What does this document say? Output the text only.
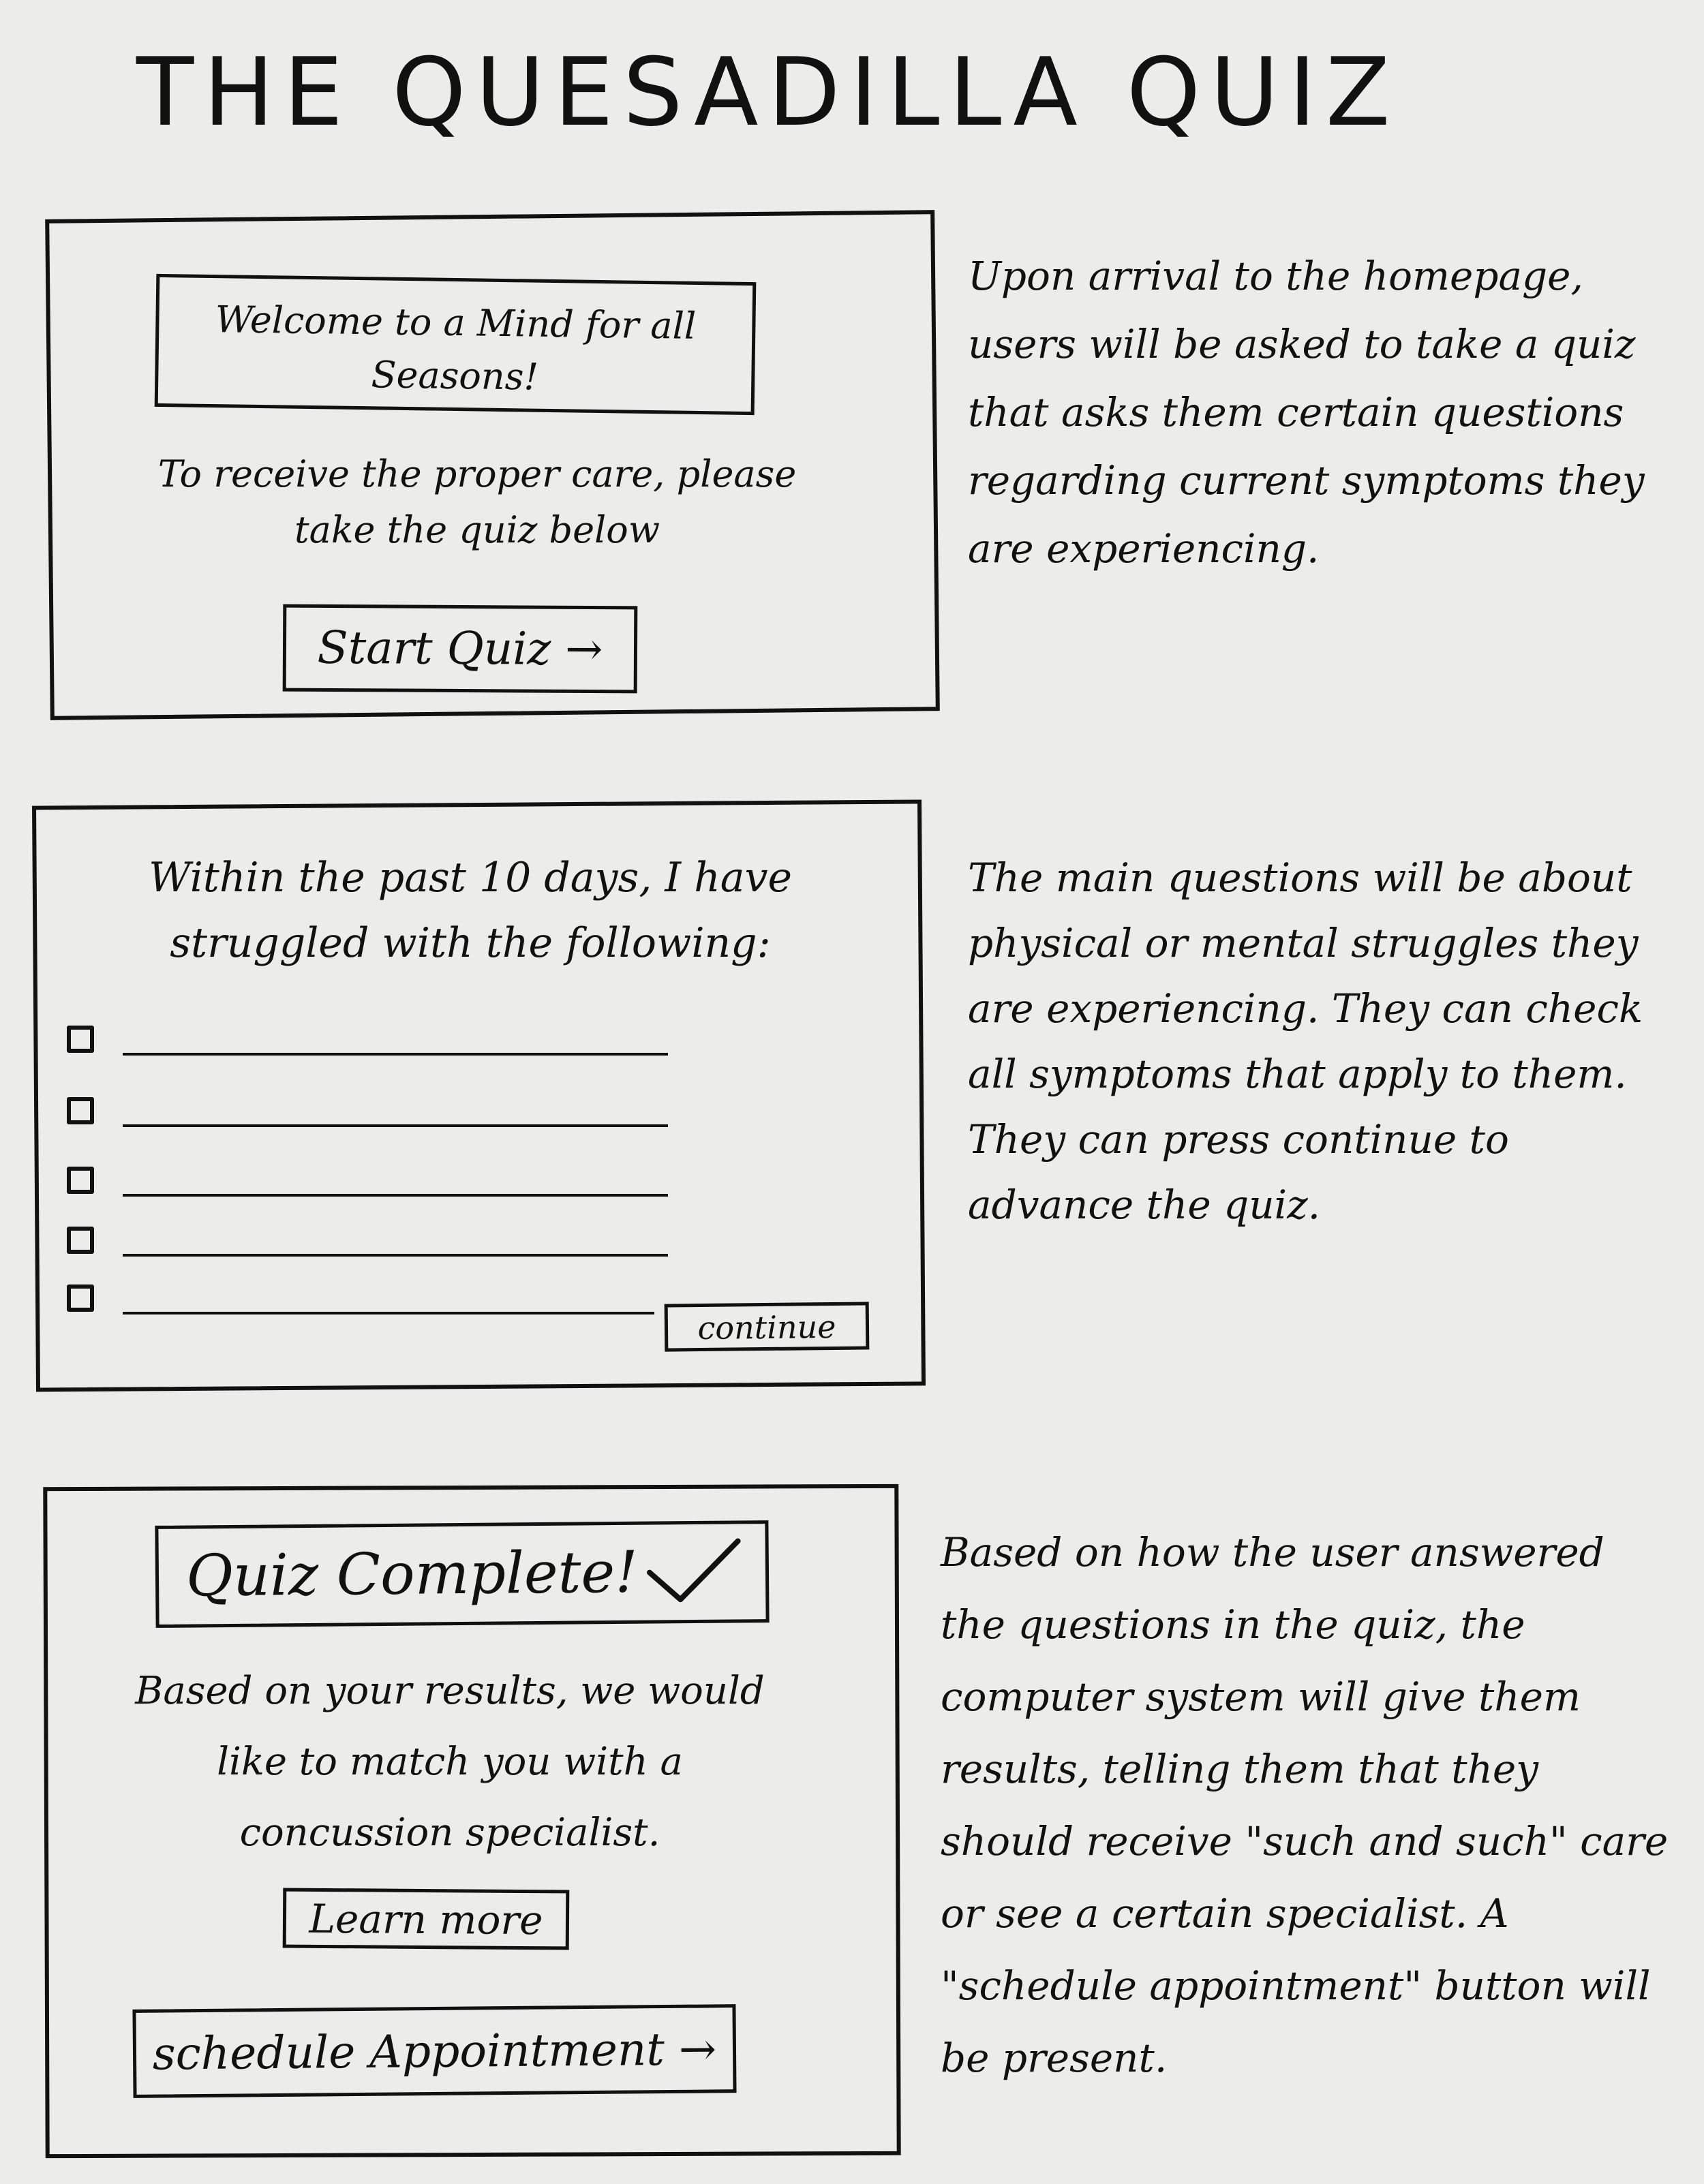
THE QUESADILLA QUIZ
Welcome to a Mind for all Seasons!
To receive the proper care, please take the quiz below
Start Quiz →
Within the past 10 days, I have struggled with the following:
continue
Quiz Complete!
Based on your results, we would like to match you with a concussion specialist.
Learn more
schedule Appointment →
Upon arrival to the homepage, users will be asked to take a quiz that asks them certain questions regarding current symptoms they are experiencing.
The main questions will be about physical or mental struggles they are experiencing. They can check all symptoms that apply to them. They can press continue to advance the quiz.
Based on how the user answered the questions in the quiz, the computer system will give them results, telling them that they should receive "such and such" care or see a certain specialist. A "schedule appointment" button will be present.
